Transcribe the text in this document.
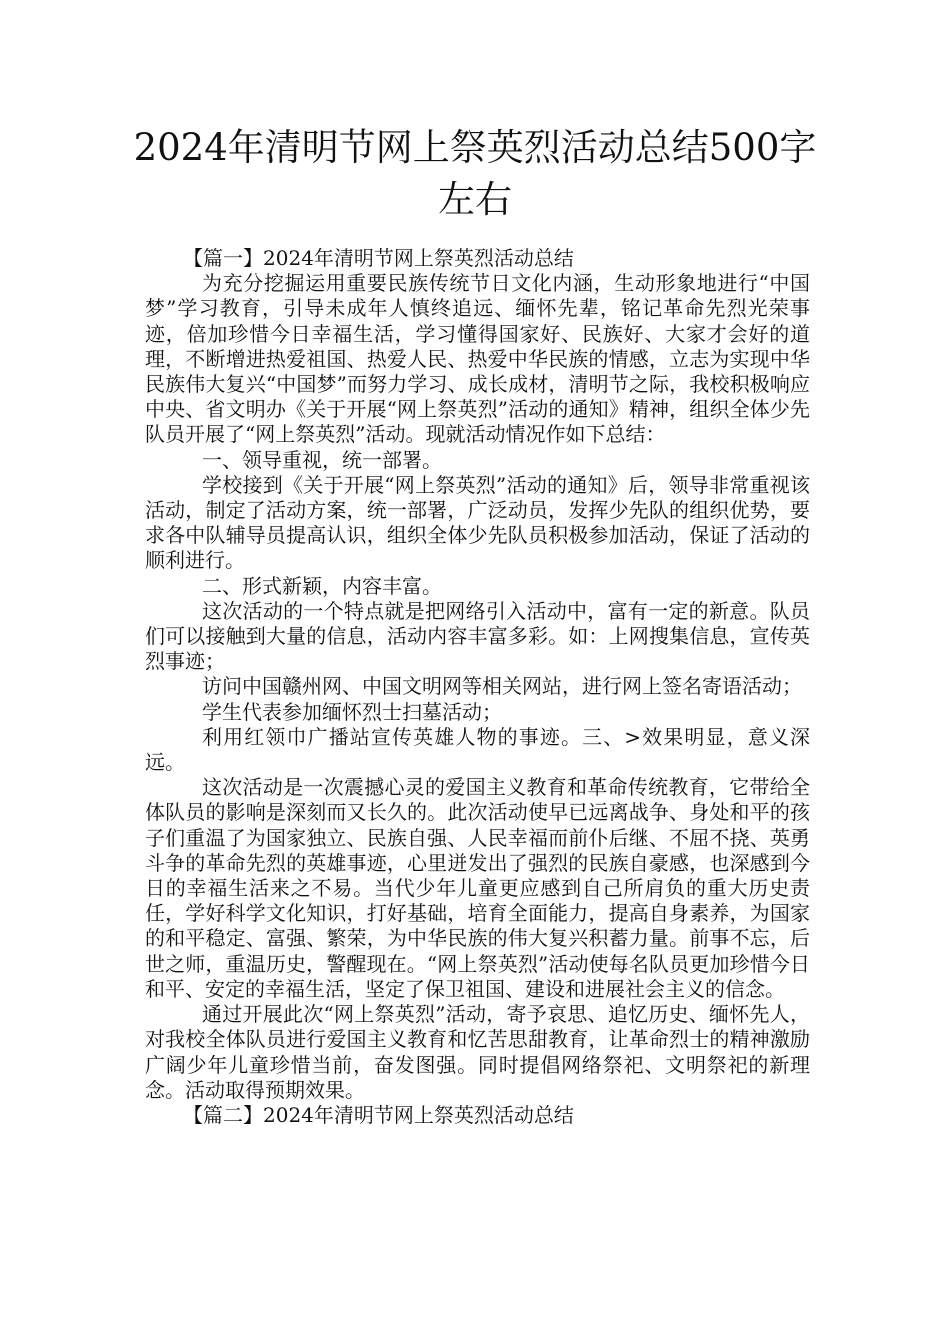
2024年清明节网上祭英烈活动总结500字
左右

【篇一】2024年清明节网上祭英烈活动总结

为充分挖掘运用重要民族传统节日文化内涵，生动形象地进行“中国梦”学习教育，引导未成年人慎终追远、缅怀先辈，铭记革命先烈光荣事迹，倍加珍惜今日幸福生活，学习懂得国家好、民族好、大家才会好的道理，不断增进热爱祖国、热爱人民、热爱中华民族的情感，立志为实现中华民族伟大复兴“中国梦”而努力学习、成长成材，清明节之际，我校积极响应中央、省文明办《关于开展“网上祭英烈”活动的通知》精神，组织全体少先队员开展了“网上祭英烈”活动。现就活动情况作如下总结：

一、领导重视，统一部署。

学校接到《关于开展“网上祭英烈”活动的通知》后，领导非常重视该活动，制定了活动方案，统一部署，广泛动员，发挥少先队的组织优势，要求各中队辅导员提高认识，组织全体少先队员积极参加活动，保证了活动的顺利进行。

二、形式新颖，内容丰富。

这次活动的一个特点就是把网络引入活动中，富有一定的新意。队员们可以接触到大量的信息，活动内容丰富多彩。如：上网搜集信息，宣传英烈事迹；

访问中国赣州网、中国文明网等相关网站，进行网上签名寄语活动；

学生代表参加缅怀烈士扫墓活动；

利用红领巾广播站宣传英雄人物的事迹。三、>效果明显，意义深远。

这次活动是一次震撼心灵的爱国主义教育和革命传统教育，它带给全体队员的影响是深刻而又长久的。此次活动使早已远离战争、身处和平的孩子们重温了为国家独立、民族自强、人民幸福而前仆后继、不屈不挠、英勇斗争的革命先烈的英雄事迹，心里迸发出了强烈的民族自豪感，也深感到今日的幸福生活来之不易。当代少年儿童更应感到自己所肩负的重大历史责任，学好科学文化知识，打好基础，培育全面能力，提高自身素养，为国家的和平稳定、富强、繁荣，为中华民族的伟大复兴积蓄力量。前事不忘，后世之师，重温历史，警醒现在。“网上祭英烈”活动使每名队员更加珍惜今日和平、安定的幸福生活，坚定了保卫祖国、建设和进展社会主义的信念。

通过开展此次“网上祭英烈”活动，寄予哀思、追忆历史、缅怀先人，对我校全体队员进行爱国主义教育和忆苦思甜教育，让革命烈士的精神激励广阔少年儿童珍惜当前，奋发图强。同时提倡网络祭祀、文明祭祀的新理念。活动取得预期效果。

【篇二】2024年清明节网上祭英烈活动总结
